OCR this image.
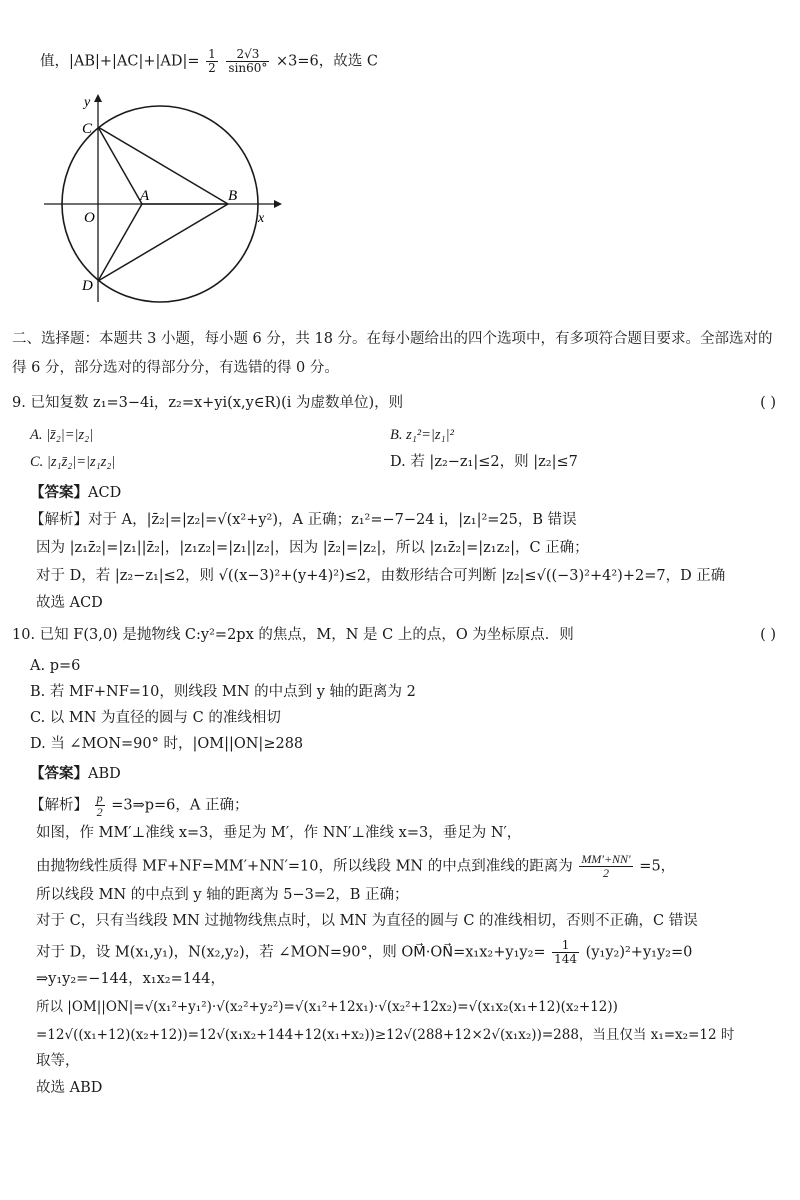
值，$|AB|+|AC|+|AD|= \frac{1}{2}$
$\frac{2√3}{\sin 60^\circ} \times 3=6$，故选 C
y
x
O
A	B
C
D
二、选择题：本题共 3 小题，每小题 6 分，共 18 分。在每小题给出的四个选项中，有多项符合题目要求。全部选对的
得 6 分，部分选对的得部分分，有选错的得 0 分。
9. 已知复数 z₁=3−4i，z₂=x+yi(x,y∈R)(i 为虚数单位)，则	( )
A. |z̄₂|=|z₂|	B. z₁²=|z₁|²
C. |z₁z̄₂|=|z₁z₂|	D. 若 |z₂−z₁|≤2，则 |z₂|≤7
【答案】ACD
【解析】对于 A，|z̄₂|=|z₂|=√(x²+y²)，A 正确；z₁²=−7−24 i，|z₁|²=25，B 错误
因为 |z₁z̄₂|=|z₁||z̄₂|，|z₁z₂|=|z₁||z₂|，因为 |z̄₂|=|z₂|，所以 |z₁z̄₂|=|z₁z₂|，C 正确；
对于 D，若 |z₂−z₁|≤2，则 √((x−3)²+(y+4)²)≤2，由数形结合可判断 |z₂|≤√((−3)²+4²)+2=7，D 正确
故选 ACD
10. 已知 F(3,0) 是抛物线 C:y²=2px 的焦点，M，N 是 C 上的点，O 为坐标原点．则	( )
A. p=6
B. 若 MF+NF=10，则线段 MN 的中点到 y 轴的距离为 2
C. 以 MN 为直径的圆与 C 的准线相切
D. 当 ∠MON=90° 时，|OM||ON|≥288
【答案】ABD
【解析】 $\frac{p}{2}$ =3⇒p=6，A 正确；
如图，作 MM′⊥准线 x=3，垂足为 M′，作 NN′⊥准线 x=3，垂足为 N′，
由抛物线性质得 MF+NF=MM′+NN′=10，所以线段 MN 的中点到准线的距离为 $\frac{MM'+NN'}{2} =5$，
所以线段 MN 的中点到 y 轴的距离为 5−3=2，B 正确；
对于 C，只有当线段 MN 过抛物线焦点时，以 MN 为直径的圆与 C 的准线相切，否则不正确，C 错误
对于 D，设 M(x₁,y₁)，N(x₂,y₂)，若 ∠MON=90°，则 OM⃗·ON⃗=x₁x₂+y₁y₂= $\frac{1}{144} (y_1y_2)^2+y_1y_2=0$
⇒y₁y₂=−144，x₁x₂=144，
所以 |OM||ON|=√(x₁²+y₁²)·√(x₂²+y₂²)=√(x₁²+12x₁)·√(x₂²+12x₂)=√(x₁x₂(x₁+12)(x₂+12))
=12√((x₁+12)(x₂+12))=12√(x₁x₂+144+12(x₁+x₂))≥12√(288+12×2√(x₁x₂))=288，当且仅当 x₁=x₂=12 时
取等，
故选 ABD
